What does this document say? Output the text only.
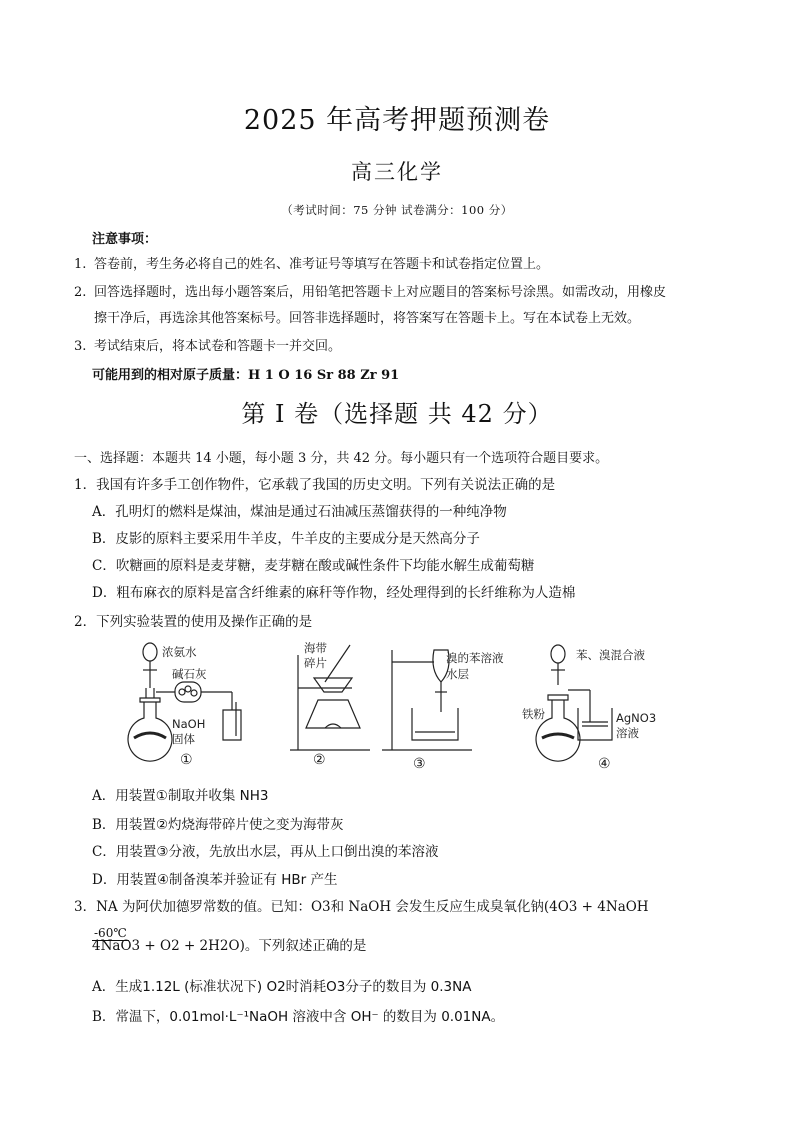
2025 年高考押题预测卷
高三化学
（考试时间：75 分钟 试卷满分：100 分）
注意事项：
1. 答卷前，考生务必将自己的姓名、准考证号等填写在答题卡和试卷指定位置上。
2. 回答选择题时，选出每小题答案后，用铅笔把答题卡上对应题目的答案标号涂黑。如需改动，用橡皮
擦干净后，再选涂其他答案标号。回答非选择题时，将答案写在答题卡上。写在本试卷上无效。
3. 考试结束后，将本试卷和答题卡一并交回。
可能用到的相对原子质量：H 1 O 16 Sr 88 Zr 91
第 I 卷（选择题 共 42 分）
一、选择题：本题共 14 小题，每小题 3 分，共 42 分。每小题只有一个选项符合题目要求。
1．我国有许多手工创作物件，它承载了我国的历史文明。下列有关说法正确的是
A．孔明灯的燃料是煤油，煤油是通过石油减压蒸馏获得的一种纯净物
B．皮影的原料主要采用牛羊皮，牛羊皮的主要成分是天然高分子
C．吹糖画的原料是麦芽糖，麦芽糖在酸或碱性条件下均能水解生成葡萄糖
D．粗布麻衣的原料是富含纤维素的麻秆等作物，经处理得到的长纤维称为人造棉
2．下列实验装置的使用及操作正确的是
浓氨水
碱石灰
NaOH
固体
海带
碎片	溴的苯溶液
水层
苯、溴混合液
铁粉	AgNO3
溶液
①	②	③	④
A．用装置①制取并收集 NH3
B．用装置②灼烧海带碎片使之变为海带灰
C．用装置③分液，先放出水层，再从上口倒出溴的苯溶液
D．用装置④制备溴苯并验证有 HBr 产生
3．NA 为阿伏加德罗常数的值。已知：O3和 NaOH 会发生反应生成臭氧化钠(4O3 + 4NaOH
-60℃
4NaO3 + O2 + 2H2O)。下列叙述正确的是
A．生成1.12L (标准状况下) O2时消耗O3分子的数目为 0.3NA
B．常温下，0.01mol·L⁻¹NaOH 溶液中含 OH⁻ 的数目为 0.01NA。
